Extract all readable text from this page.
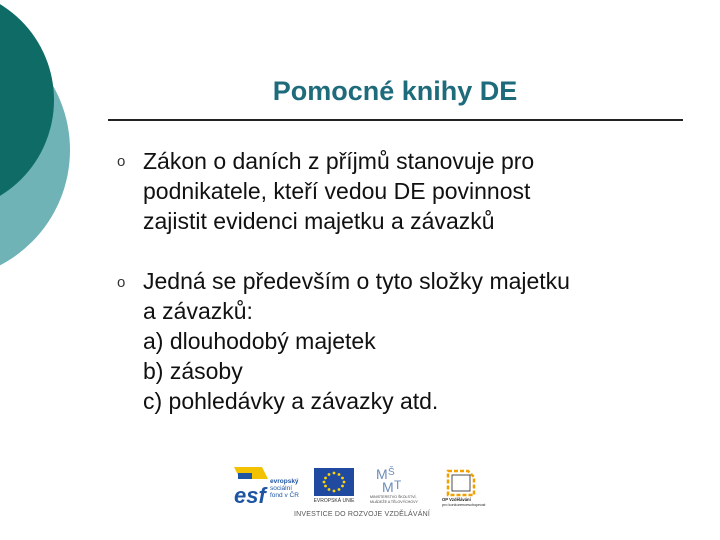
Pomocné knihy DE
o Zákon o daních z příjmů stanovuje pro
podnikatele, kteří vedou DE povinnost
zajistit evidenci majetku a závazků
o Jedná se především o tyto složky majetku
a závazků:
a) dlouhodobý majetek
b) zásoby
c) pohledávky a závazky atd.
esf
evropský
sociální
fond v ČR
EVROPSKÁ UNIE
M Š
M T
MINISTERSTVO ŠKOLSTVÍ,
MLÁDEŽE A TĚLOVÝCHOVY	OP Vzdělávání
pro konkurenceschopnost
INVESTICE DO ROZVOJE VZDĚLÁVÁNÍ
